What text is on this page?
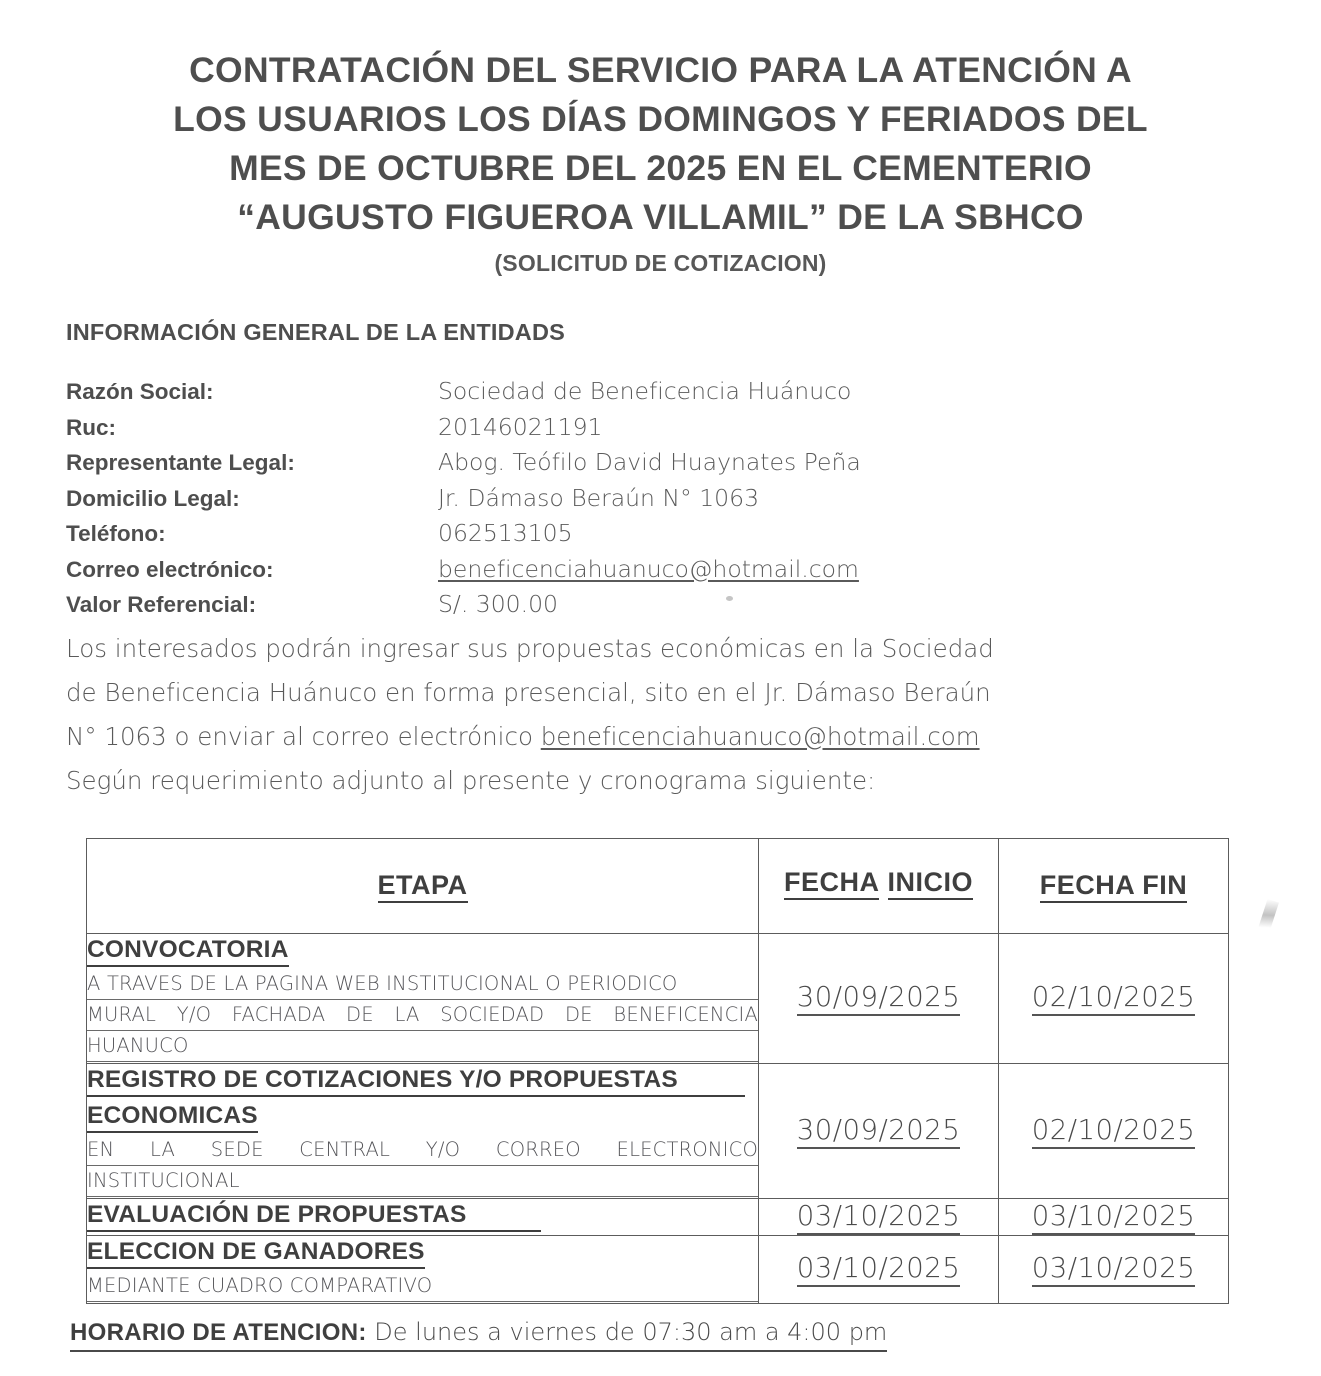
CONTRATACIÓN DEL SERVICIO PARA LA ATENCIÓN A
LOS USUARIOS LOS DÍAS DOMINGOS Y FERIADOS DEL
MES DE OCTUBRE DEL 2025 EN EL CEMENTERIO
“AUGUSTO FIGUEROA VILLAMIL” DE LA SBHCO
(SOLICITUD DE COTIZACION)
INFORMACIÓN GENERAL DE LA ENTIDADS
Razón Social:	Sociedad de Beneficencia Huánuco
Ruc:	20146021191
Representante Legal:	Abog. Teófilo David Huaynates Peña
Domicilio Legal:	Jr. Dámaso Beraún N° 1063
Teléfono:	062513105
Correo electrónico:	beneficenciahuanuco@hotmail.com
Valor Referencial:	S/. 300.00
Los interesados podrán ingresar sus propuestas económicas en la Sociedad
de Beneficencia Huánuco en forma presencial, sito en el Jr. Dámaso Beraún
N° 1063 o enviar al correo electrónico beneficenciahuanuco@hotmail.com
Según requerimiento adjunto al presente y cronograma siguiente:
ETAPA	FECHA INICIO	FECHA FIN
CONVOCATORIA
A TRAVES DE LA PAGINA WEB INSTITUCIONAL O PERIODICO
MURAL Y/O FACHADA DE LA SOCIEDAD DE BENEFICENCIA
HUANUCO	30/09/2025	02/10/2025
REGISTRO DE COTIZACIONES Y/O PROPUESTAS ECONOMICAS
EN LA SEDE CENTRAL Y/O CORREO ELECTRONICO
INSTITUCIONAL	30/09/2025	02/10/2025
EVALUACIÓN DE PROPUESTAS	03/10/2025	03/10/2025
ELECCION DE GANADORES
MEDIANTE CUADRO COMPARATIVO	03/10/2025	03/10/2025
HORARIO DE ATENCION: De lunes a viernes de 07:30 am a 4:00 pm
